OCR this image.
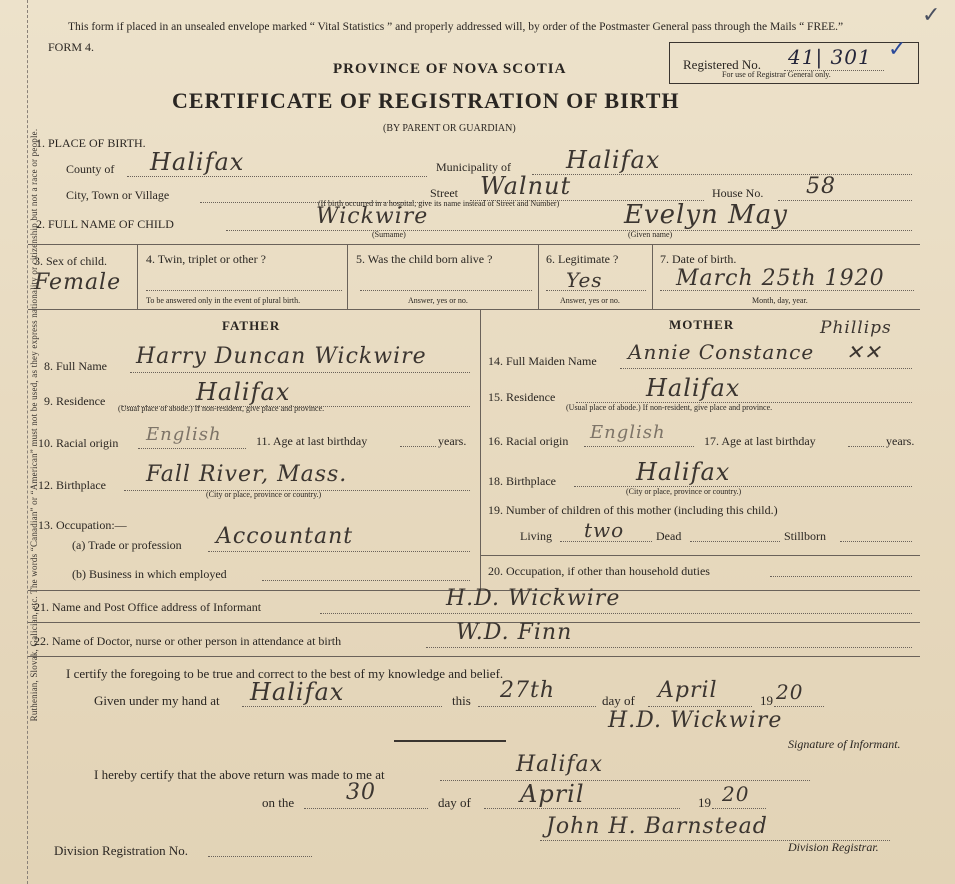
Ruthenian, Slovak, Galician, etc. The words “Canadian” or “American” must not be used, as they express nationality or citizenship but not a race or people.
This form if placed in an unsealed envelope marked “ Vital Statistics ” and properly addressed will, by order of the Postmaster General pass through the Mails “ FREE.”	✓
FORM 4.
PROVINCE OF NOVA SCOTIA
CERTIFICATE OF REGISTRATION OF BIRTH
(BY PARENT OR GUARDIAN)
Registered No. 41| 301 ✓
For use of Registrar General only.
1. PLACE OF BIRTH.
County of Halifax	Municipality of Halifax
City, Town or Village	Street Walnut	House No. 58
(If birth occurred in a hospital, give its name instead of Street and Number)
2. FULL NAME OF CHILD	Wickwire	Evelyn May
(Surname)	(Given name)
3. Sex of child.
Female
4. Twin, triplet or other ?
To be answered only in the event of plural birth.
5. Was the child born alive ?
Answer, yes or no.
6. Legitimate ?
Yes
Answer, yes or no.
7. Date of birth.
March 25th 1920
Month, day, year.
FATHER
8. Full Name Harry Duncan Wickwire
9. Residence	Halifax
(Usual place of abode.) If non-resident, give place and province.
10. Racial origin English	11. Age at last birthday	years.
12. Birthplace Fall River, Mass.
(City or place, province or country.)
13. Occupation:—
(a) Trade or profession Accountant
(b) Business in which employed
MOTHER	Phillips
14. Full Maiden Name Annie Constance ✕✕
15. Residence	Halifax
(Usual place of abode.) If non-resident, give place and province.
16. Racial origin English	17. Age at last birthday	years.
18. Birthplace	Halifax
(City or place, province or country.)
19. Number of children of this mother (including this child.)
Living two	Dead	Stillborn
20. Occupation, if other than household duties
21. Name and Post Office address of Informant	H.D. Wickwire
22. Name of Doctor, nurse or other person in attendance at birth	W.D. Finn
I certify the foregoing to be true and correct to the best of my knowledge and belief.
Given under my hand at Halifax	this 27th	day of April	19 20
H.D. Wickwire
Signature of Informant.
I hereby certify that the above return was made to me at	Halifax
on the 30	day of April	19 20
John H. Barnstead
Division Registrar.
Division Registration No.
